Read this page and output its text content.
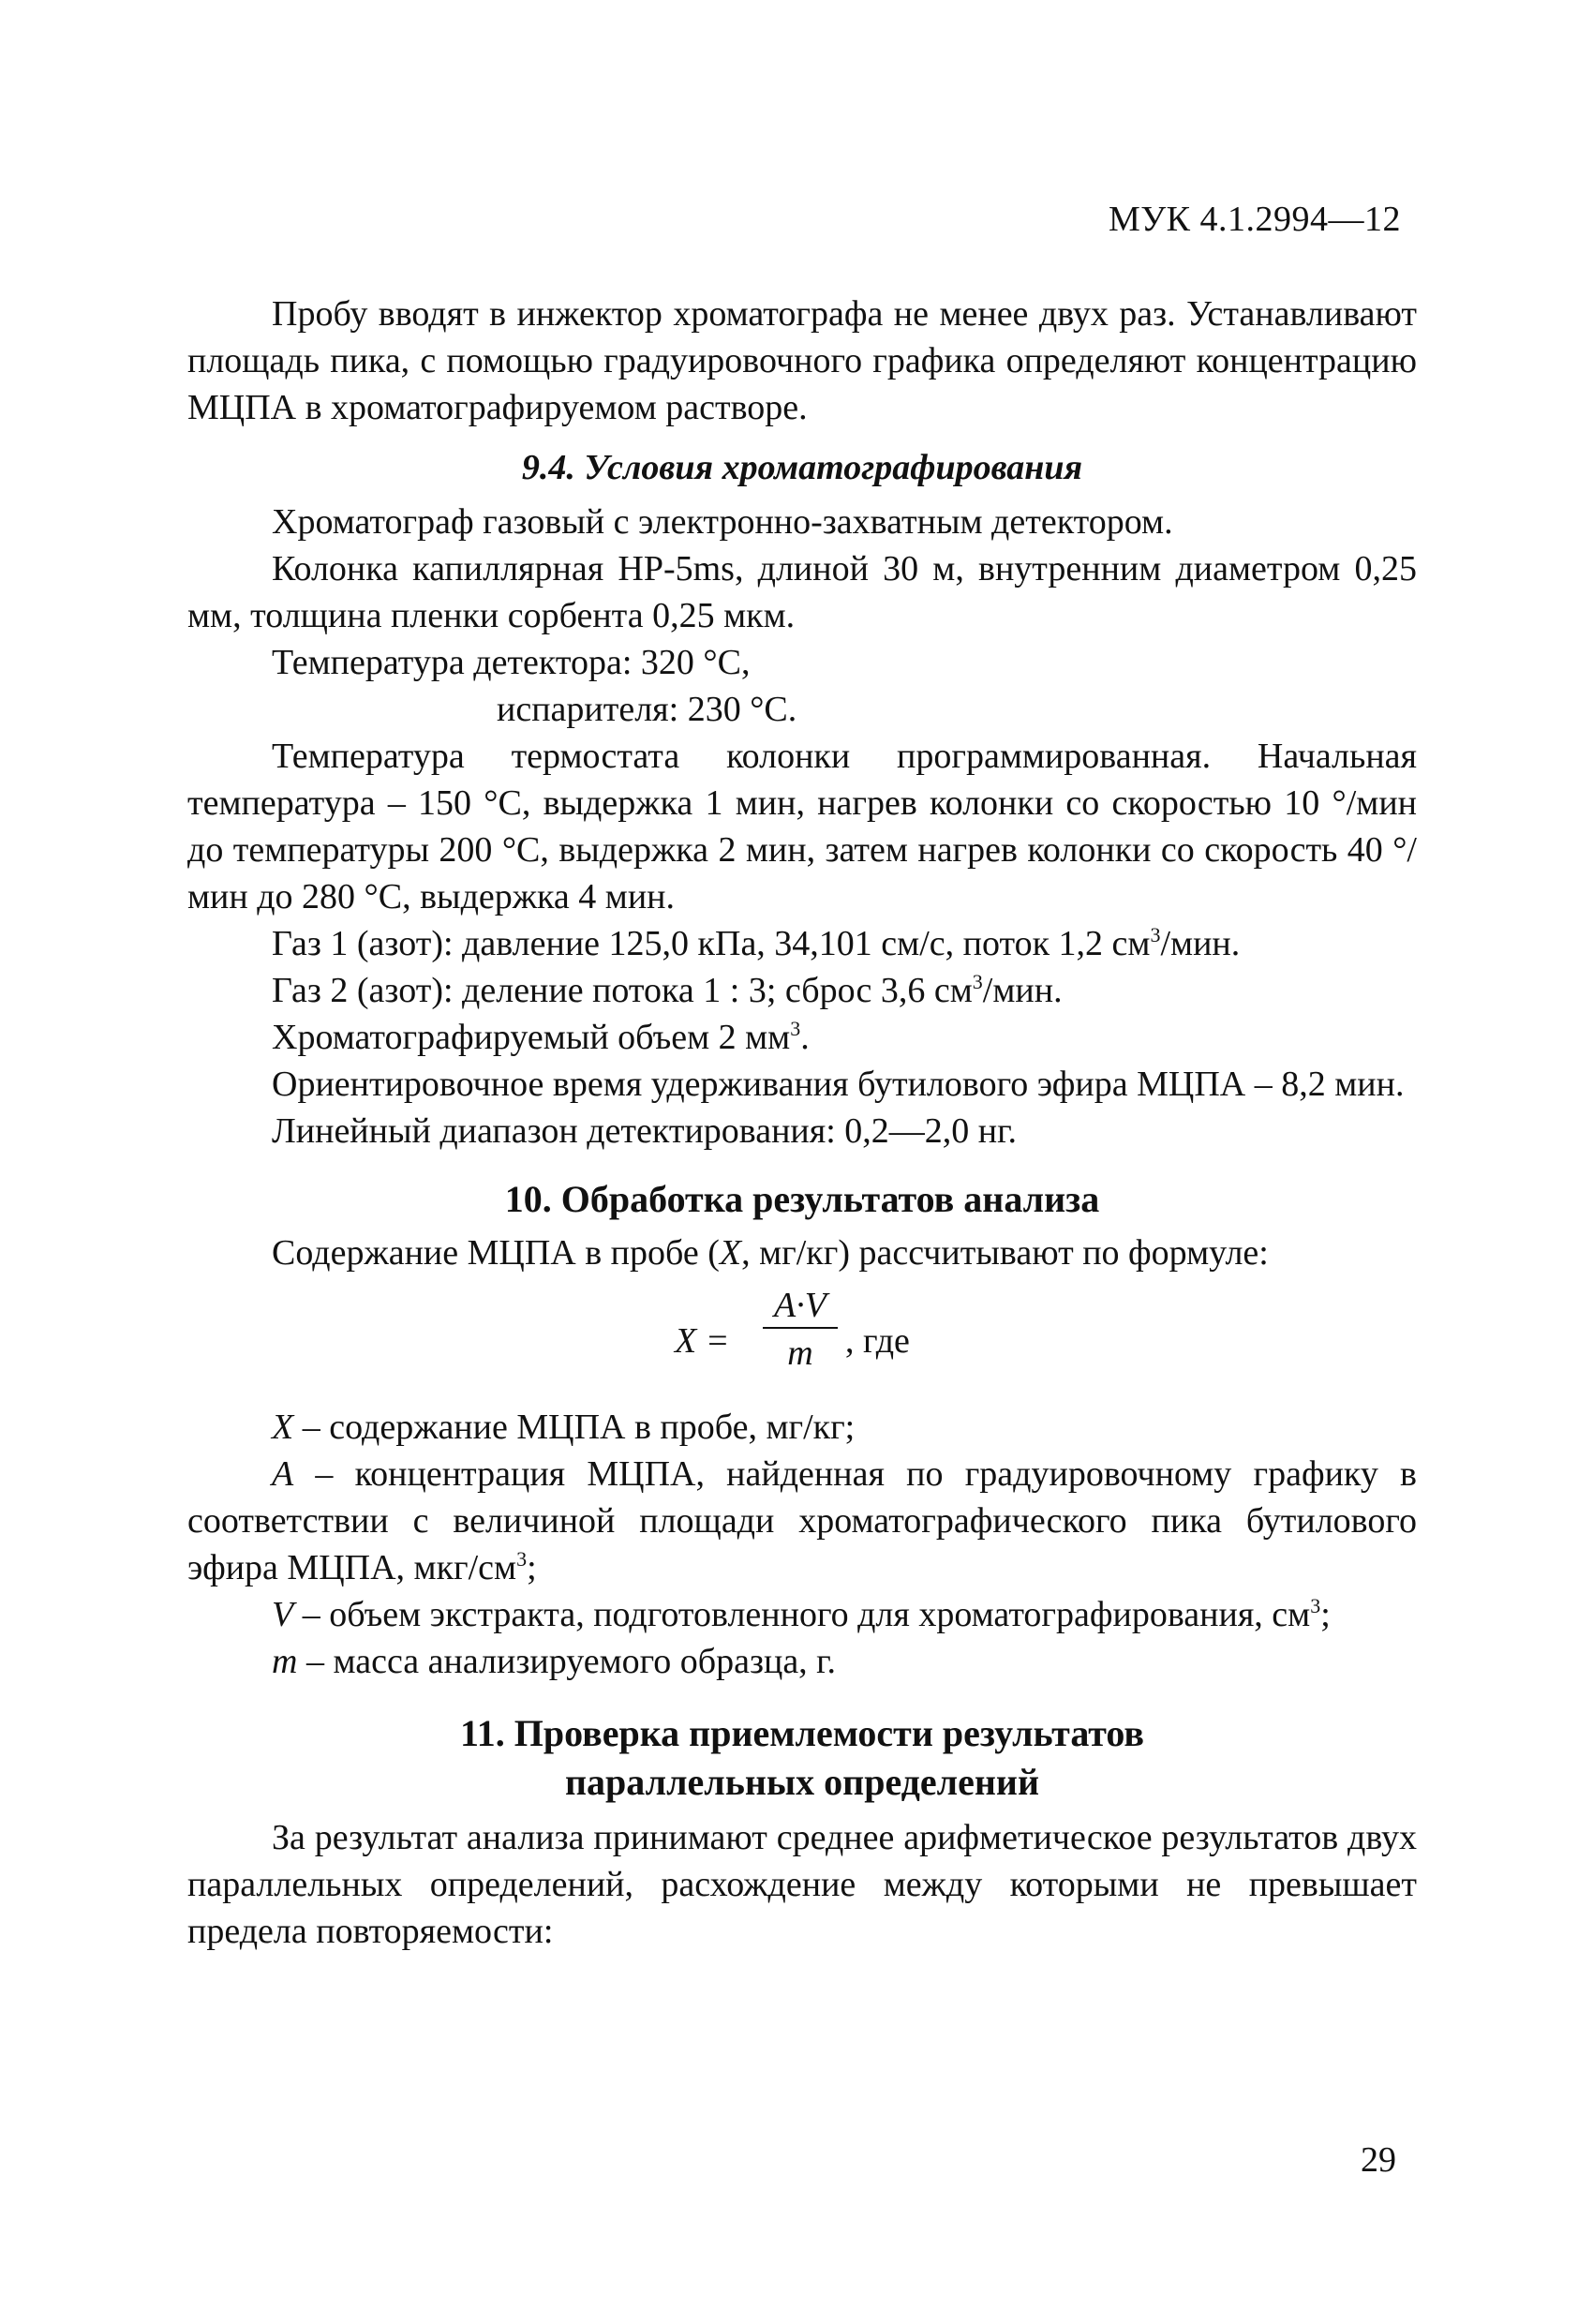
МУК 4.1.2994—12

Пробу вводят в инжектор хроматографа не менее двух раз. Устанавливают площадь пика, с помощью градуировочного графика определяют концентрацию МЦПА в хроматографируемом растворе.

9.4. Условия хроматографирования

Хроматограф газовый с электронно-захватным детектором.

Колонка капиллярная HP-5ms, длиной 30 м, внутренним диаметром 0,25 мм, толщина пленки сорбента 0,25 мкм.

Температура детектора: 320 °С,

испарителя: 230 °С.

Температура термостата колонки программированная. Начальная температура – 150 °С, выдержка 1 мин, нагрев колонки со скоростью 10 °/мин до температуры 200 °С, выдержка 2 мин, затем нагрев колонки со скорость 40 °/мин до 280 °С, выдержка 4 мин.

Газ 1 (азот): давление 125,0 кПа, 34,101 см/с, поток 1,2 $см^3$/мин.

Газ 2 (азот): деление потока 1 : 3; сброс 3,6 $см^3$/мин.

Хроматографируемый объем 2 $мм^3$.

Ориентировочное время удерживания бутилового эфира МЦПА – 8,2 мин.

Линейный диапазон детектирования: 0,2—2,0 нг.

10. Обработка результатов анализа

Содержание МЦПА в пробе (X, мг/кг) рассчитывают по формуле:

X =
A·V
m , где

X – содержание МЦПА в пробе, мг/кг;

A – концентрация МЦПА, найденная по градуировочному графику в соответствии с величиной площади хроматографического пика бутилового эфира МЦПА, мкг/$см^3$;

V – объем экстракта, подготовленного для хроматографирования, $см^3$;

m – масса анализируемого образца, г.

11. Проверка приемлемости результатов
параллельных определений

За результат анализа принимают среднее арифметическое результатов двух параллельных определений, расхождение между которыми не превышает предела повторяемости:

29
